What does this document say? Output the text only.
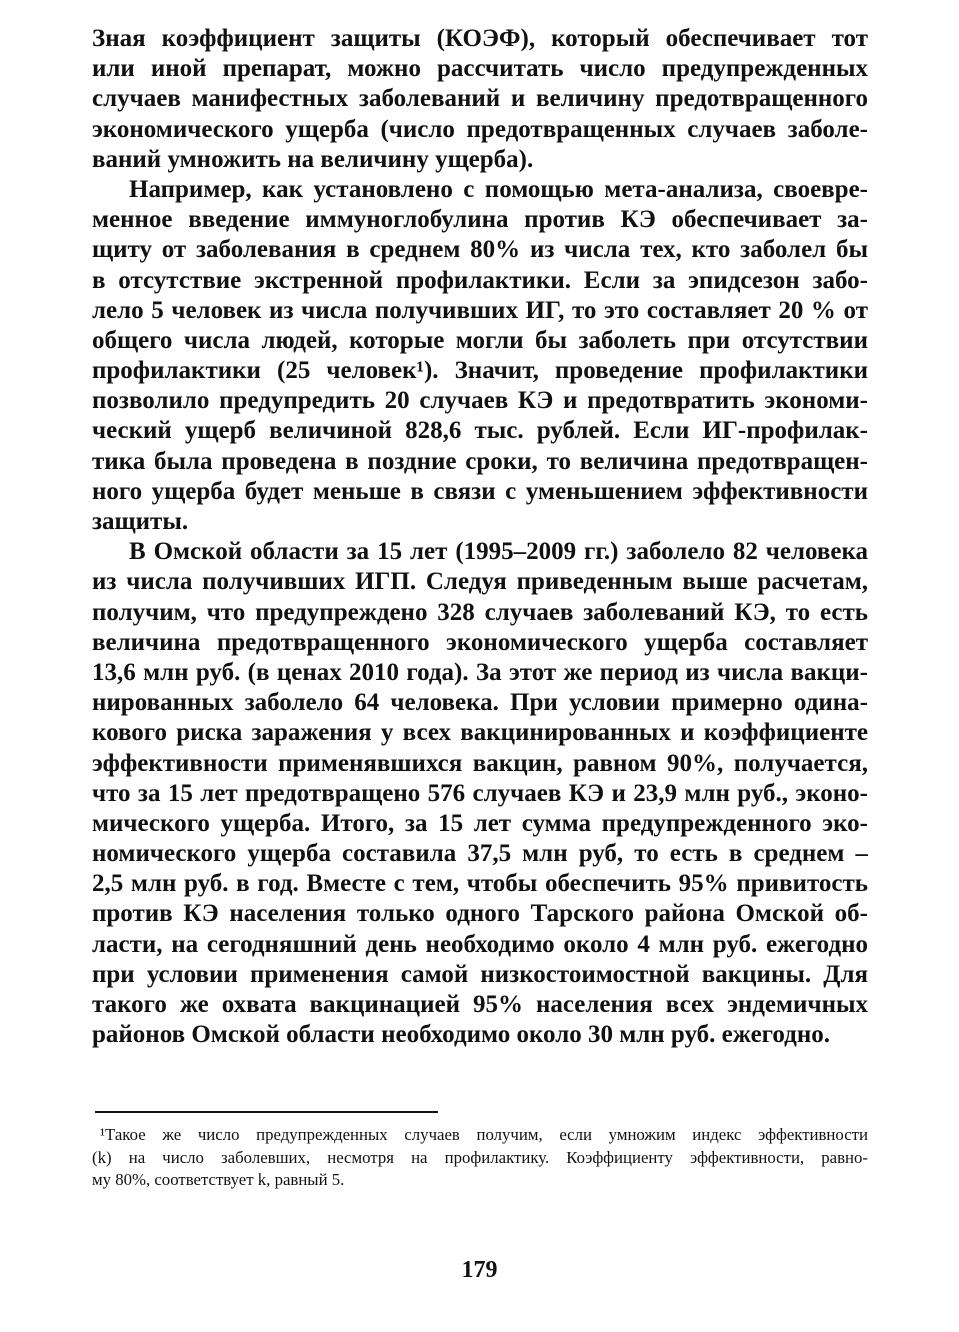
Зная коэффициент защиты (КОЭФ), который обеспечивает тот
или иной препарат, можно рассчитать число предупрежденных
случаев манифестных заболеваний и величину предотвращенного
экономического ущерба (число предотвращенных случаев заболе-
ваний умножить на величину ущерба).
Например, как установлено с помощью мета-анализа, своевре-
менное введение иммуноглобулина против КЭ обеспечивает за-
щиту от заболевания в среднем 80% из числа тех, кто заболел бы
в отсутствие экстренной профилактики. Если за эпидсезон забо-
лело 5 человек из числа получивших ИГ, то это составляет 20 % от
общего числа людей, которые могли бы заболеть при отсутствии
профилактики (25 человек¹). Значит, проведение профилактики
позволило предупредить 20 случаев КЭ и предотвратить экономи-
ческий ущерб величиной 828,6 тыс. рублей. Если ИГ-профилак-
тика была проведена в поздние сроки, то величина предотвращен-
ного ущерба будет меньше в связи с уменьшением эффективности
защиты.
В Омской области за 15 лет (1995–2009 гг.) заболело 82 человека
из числа получивших ИГП. Следуя приведенным выше расчетам,
получим, что предупреждено 328 случаев заболеваний КЭ, то есть
величина предотвращенного экономического ущерба составляет
13,6 млн руб. (в ценах 2010 года). За этот же период из числа вакци-
нированных заболело 64 человека. При условии примерно одина-
кового риска заражения у всех вакцинированных и коэффициенте
эффективности применявшихся вакцин, равном 90%, получается,
что за 15 лет предотвращено 576 случаев КЭ и 23,9 млн руб., эконо-
мического ущерба. Итого, за 15 лет сумма предупрежденного эко-
номического ущерба составила 37,5 млн руб, то есть в среднем –
2,5 млн руб. в год. Вместе с тем, чтобы обеспечить 95% привитость
против КЭ населения только одного Тарского района Омской об-
ласти, на сегодняшний день необходимо около 4 млн руб. ежегодно
при условии применения самой низкостоимостной вакцины. Для
такого же охвата вакцинацией 95% населения всех эндемичных
районов Омской области необходимо около 30 млн руб. ежегодно.
¹Такое же число предупрежденных случаев получим, если умножим индекс эффективности
(k) на число заболевших, несмотря на профилактику. Коэффициенту эффективности, равно-
му 80%, соответствует k, равный 5.
179
